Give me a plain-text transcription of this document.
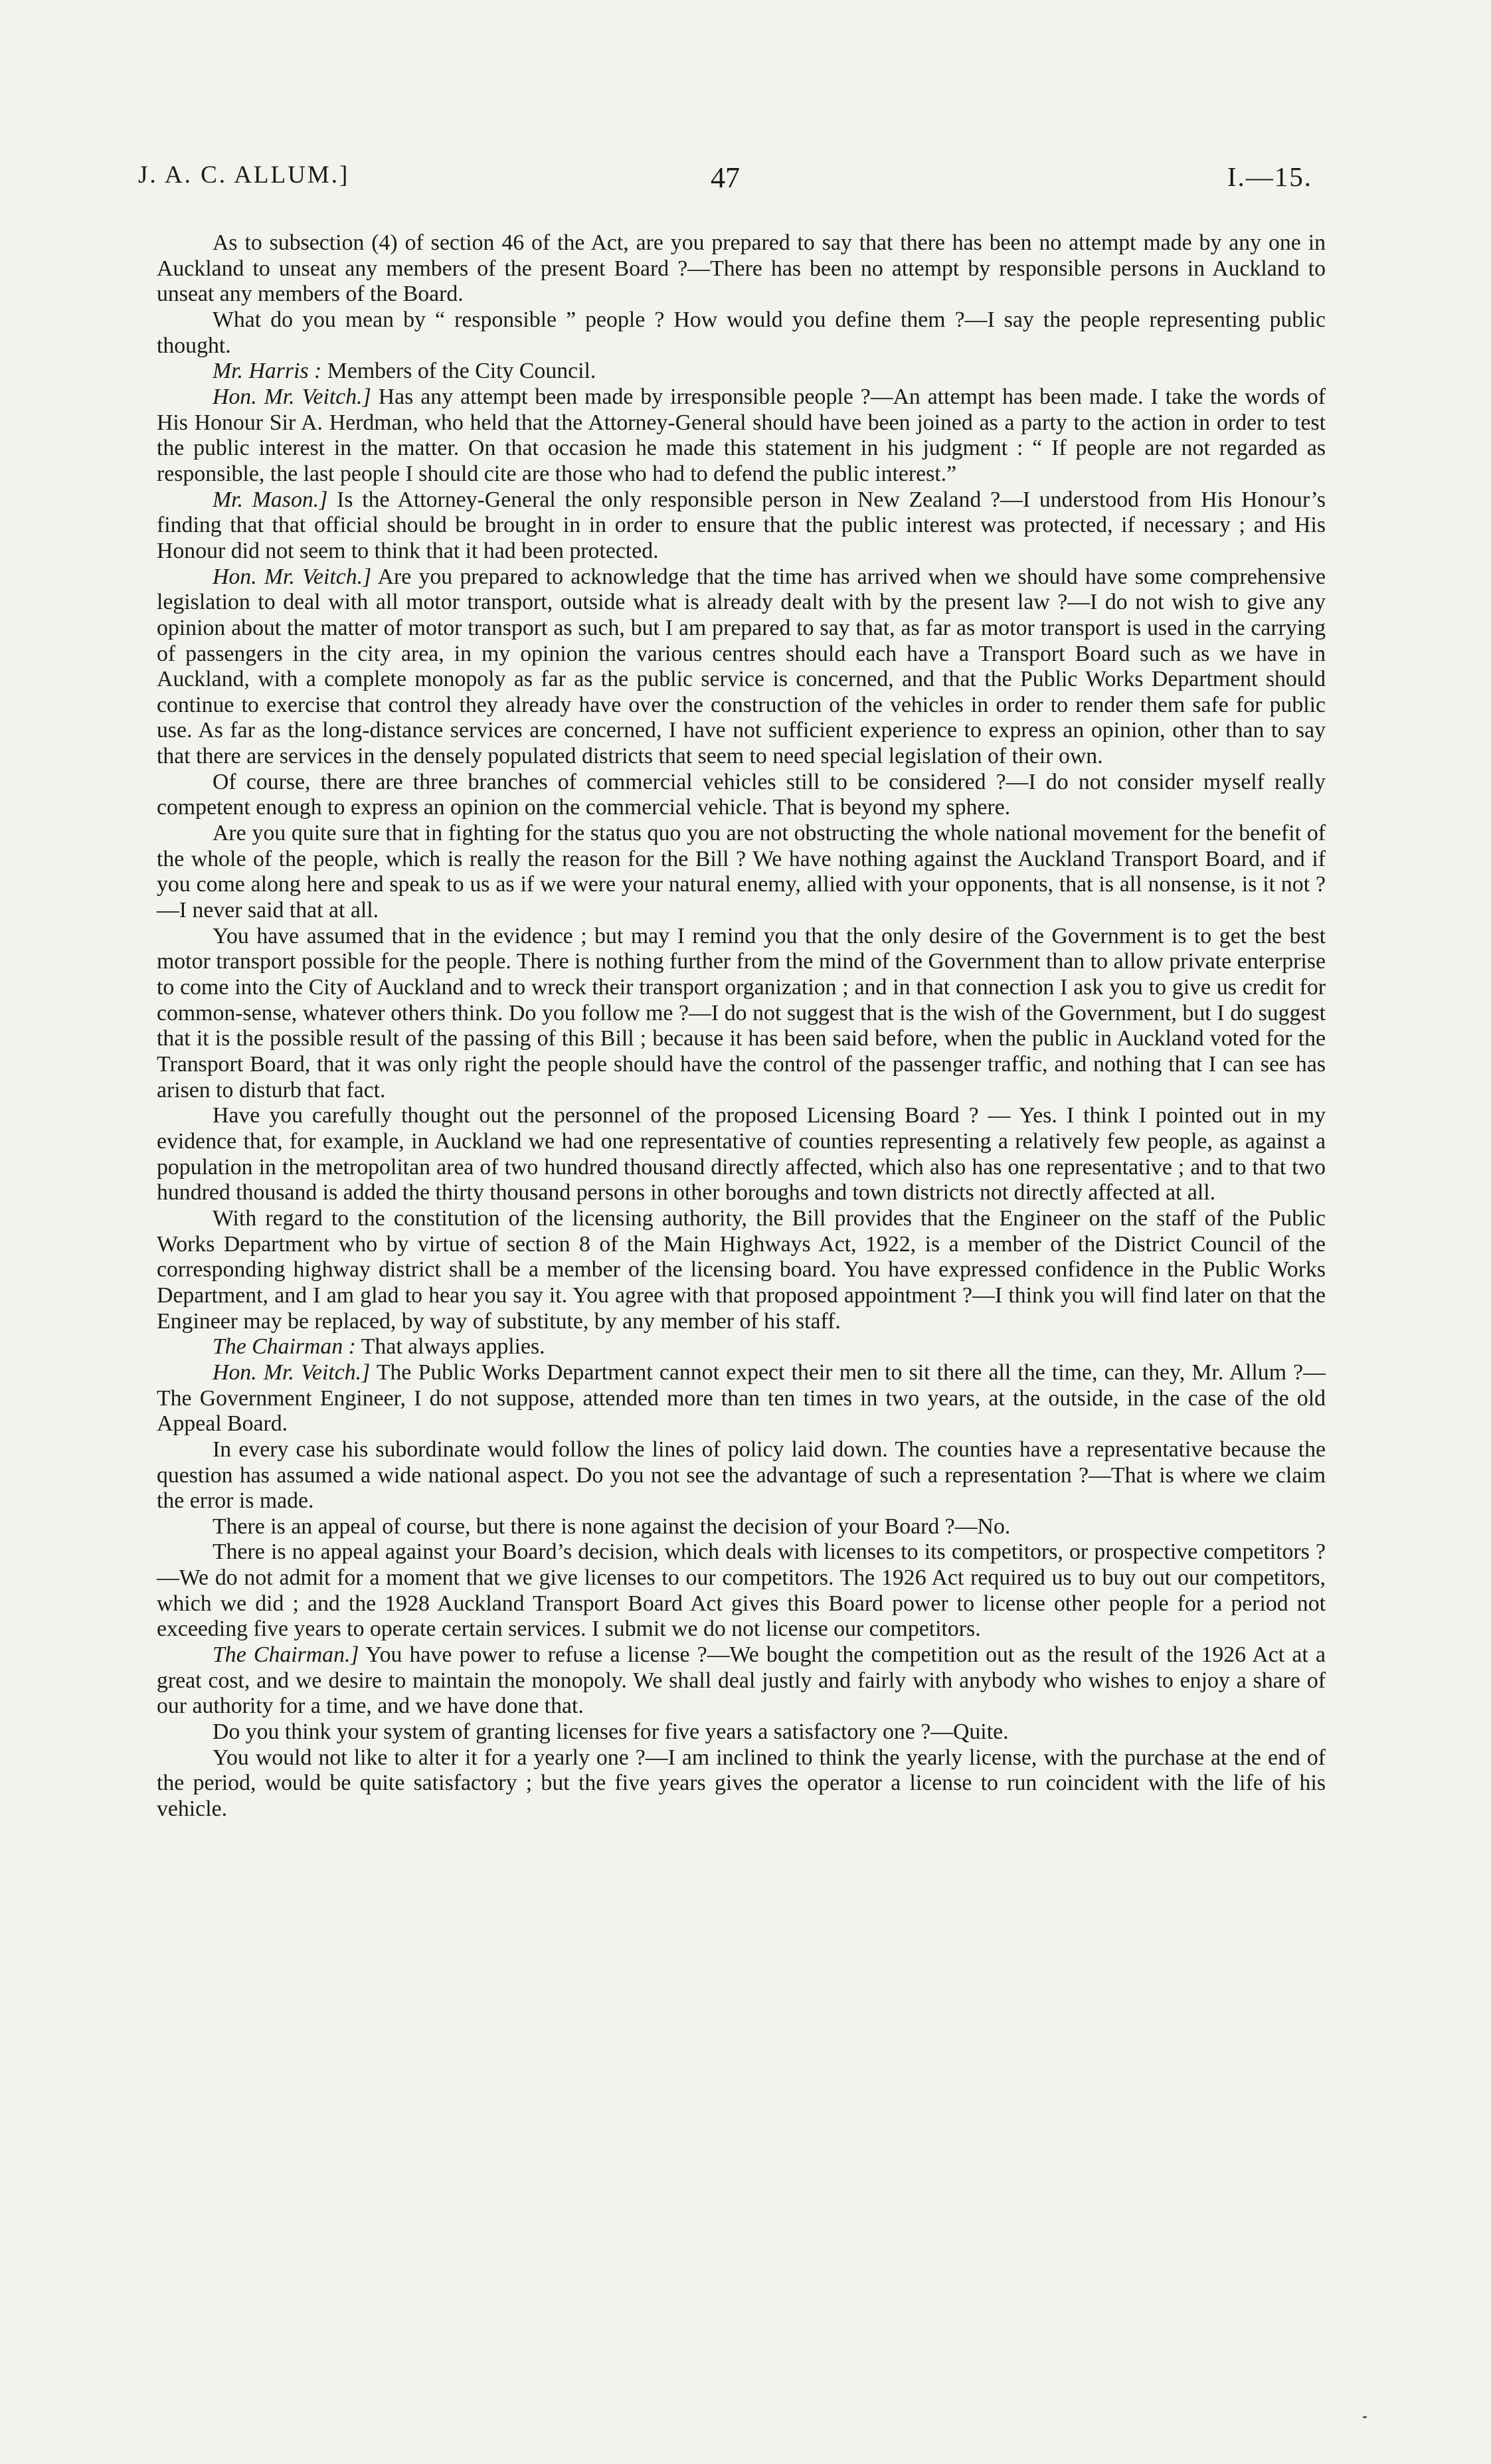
J. A. C. ALLUM.]	47	I.—15.

As to subsection (4) of section 46 of the Act, are you prepared to say that there has been no attempt made by any one in Auckland to unseat any members of the present Board ?—There has been no attempt by responsible persons in Auckland to unseat any members of the Board.

What do you mean by “ responsible ” people ? How would you define them ?—I say the people representing public thought.

Mr. Harris : Members of the City Council.

Hon. Mr. Veitch.] Has any attempt been made by irresponsible people ?—An attempt has been made. I take the words of His Honour Sir A. Herdman, who held that the Attorney-General should have been joined as a party to the action in order to test the public interest in the matter. On that occasion he made this statement in his judgment : “ If people are not regarded as responsible, the last people I should cite are those who had to defend the public interest.”

Mr. Mason.] Is the Attorney-General the only responsible person in New Zealand ?—I understood from His Honour’s finding that that official should be brought in in order to ensure that the public interest was protected, if necessary ; and His Honour did not seem to think that it had been protected.

Hon. Mr. Veitch.] Are you prepared to acknowledge that the time has arrived when we should have some comprehensive legislation to deal with all motor transport, outside what is already dealt with by the present law ?—I do not wish to give any opinion about the matter of motor transport as such, but I am prepared to say that, as far as motor transport is used in the carrying of passengers in the city area, in my opinion the various centres should each have a Transport Board such as we have in Auckland, with a complete monopoly as far as the public service is concerned, and that the Public Works Department should continue to exercise that control they already have over the construction of the vehicles in order to render them safe for public use. As far as the long-distance services are concerned, I have not sufficient experience to express an opinion, other than to say that there are services in the densely populated districts that seem to need special legislation of their own.

Of course, there are three branches of commercial vehicles still to be considered ?—I do not consider myself really competent enough to express an opinion on the commercial vehicle. That is beyond my sphere.

Are you quite sure that in fighting for the status quo you are not obstructing the whole national movement for the benefit of the whole of the people, which is really the reason for the Bill ? We have nothing against the Auckland Transport Board, and if you come along here and speak to us as if we were your natural enemy, allied with your opponents, that is all nonsense, is it not ?—I never said that at all.

You have assumed that in the evidence ; but may I remind you that the only desire of the Government is to get the best motor transport possible for the people. There is nothing further from the mind of the Government than to allow private enterprise to come into the City of Auckland and to wreck their transport organization ; and in that connection I ask you to give us credit for common-sense, whatever others think. Do you follow me ?—I do not suggest that is the wish of the Government, but I do suggest that it is the possible result of the passing of this Bill ; because it has been said before, when the public in Auckland voted for the Transport Board, that it was only right the people should have the control of the passenger traffic, and nothing that I can see has arisen to disturb that fact.

Have you carefully thought out the personnel of the proposed Licensing Board ? — Yes. I think I pointed out in my evidence that, for example, in Auckland we had one representative of counties representing a relatively few people, as against a population in the metropolitan area of two hundred thousand directly affected, which also has one representative ; and to that two hundred thousand is added the thirty thousand persons in other boroughs and town districts not directly affected at all.

With regard to the constitution of the licensing authority, the Bill provides that the Engineer on the staff of the Public Works Department who by virtue of section 8 of the Main Highways Act, 1922, is a member of the District Council of the corresponding highway district shall be a member of the licensing board. You have expressed confidence in the Public Works Department, and I am glad to hear you say it. You agree with that proposed appointment ?—I think you will find later on that the Engineer may be replaced, by way of substitute, by any member of his staff.

The Chairman : That always applies.

Hon. Mr. Veitch.] The Public Works Department cannot expect their men to sit there all the time, can they, Mr. Allum ?—The Government Engineer, I do not suppose, attended more than ten times in two years, at the outside, in the case of the old Appeal Board.

In every case his subordinate would follow the lines of policy laid down. The counties have a representative because the question has assumed a wide national aspect. Do you not see the advantage of such a representation ?—That is where we claim the error is made.

There is an appeal of course, but there is none against the decision of your Board ?—No.

There is no appeal against your Board’s decision, which deals with licenses to its competitors, or prospective competitors ?—We do not admit for a moment that we give licenses to our competitors. The 1926 Act required us to buy out our competitors, which we did ; and the 1928 Auckland Transport Board Act gives this Board power to license other people for a period not exceeding five years to operate certain services. I submit we do not license our competitors.

The Chairman.] You have power to refuse a license ?—We bought the competition out as the result of the 1926 Act at a great cost, and we desire to maintain the monopoly. We shall deal justly and fairly with anybody who wishes to enjoy a share of our authority for a time, and we have done that.

Do you think your system of granting licenses for five years a satisfactory one ?—Quite.

You would not like to alter it for a yearly one ?—I am inclined to think the yearly license, with the purchase at the end of the period, would be quite satisfactory ; but the five years gives the operator a license to run coincident with the life of his vehicle.
